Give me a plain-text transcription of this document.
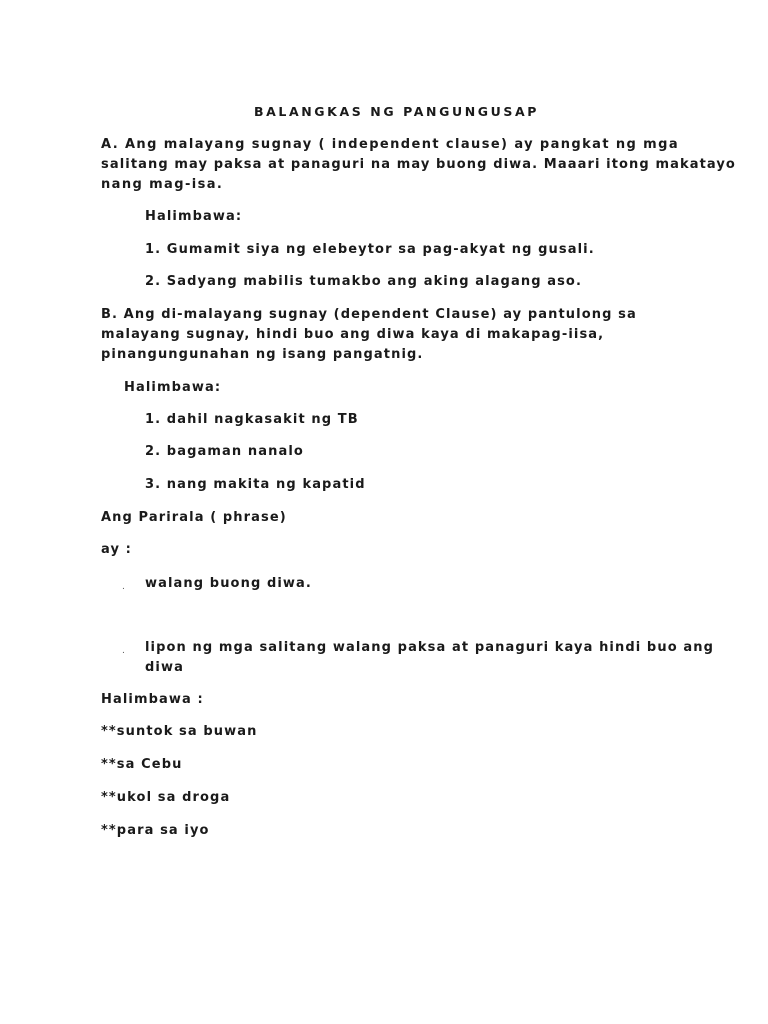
BALANGKAS NG PANGUNGUSAP
A. Ang malayang sugnay ( independent clause) ay pangkat ng mga
salitang may paksa at panaguri na may buong diwa. Maaari itong makatayo
nang mag-isa.
Halimbawa:
1. Gumamit siya ng elebeytor sa pag-akyat ng gusali.
2. Sadyang mabilis tumakbo ang aking alagang aso.
B. Ang di-malayang sugnay (dependent Clause) ay pantulong sa
malayang sugnay, hindi buo ang diwa kaya di makapag-iisa,
pinangungunahan ng isang pangatnig.
Halimbawa:
1. dahil nagkasakit ng TB
2. bagaman nanalo
3. nang makita ng kapatid
Ang Parirala ( phrase)
ay :
. walang buong diwa.
. lipon ng mga salitang walang paksa at panaguri kaya hindi buo ang
diwa
Halimbawa :
**suntok sa buwan
**sa Cebu
**ukol sa droga
**para sa iyo
